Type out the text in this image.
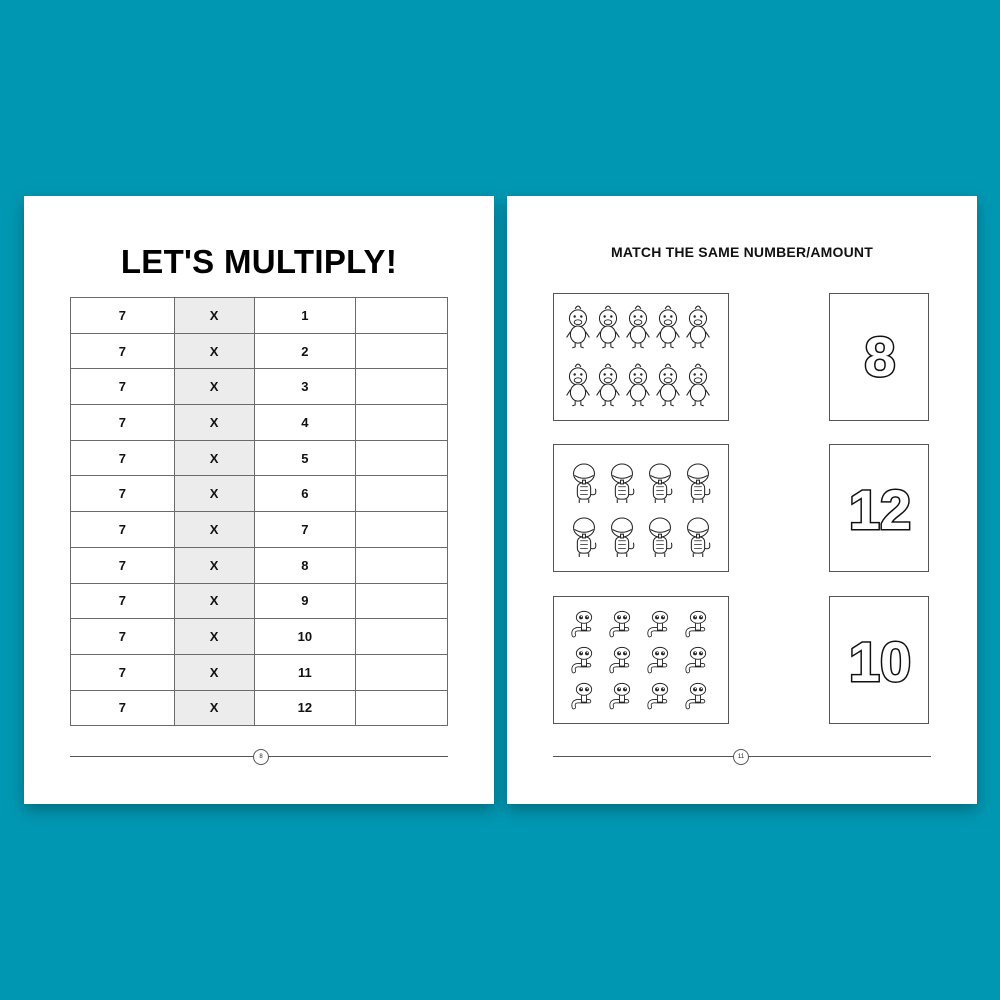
LET'S MULTIPLY!
7	X	1	
7	X	2	
7	X	3	
7	X	4	
7	X	5	
7	X	6	
7	X	7	
7	X	8	
7	X	9	
7	X	10	
7	X	11	
7	X	12	
8
MATCH THE SAME NUMBER/AMOUNT
8
12
10
11
